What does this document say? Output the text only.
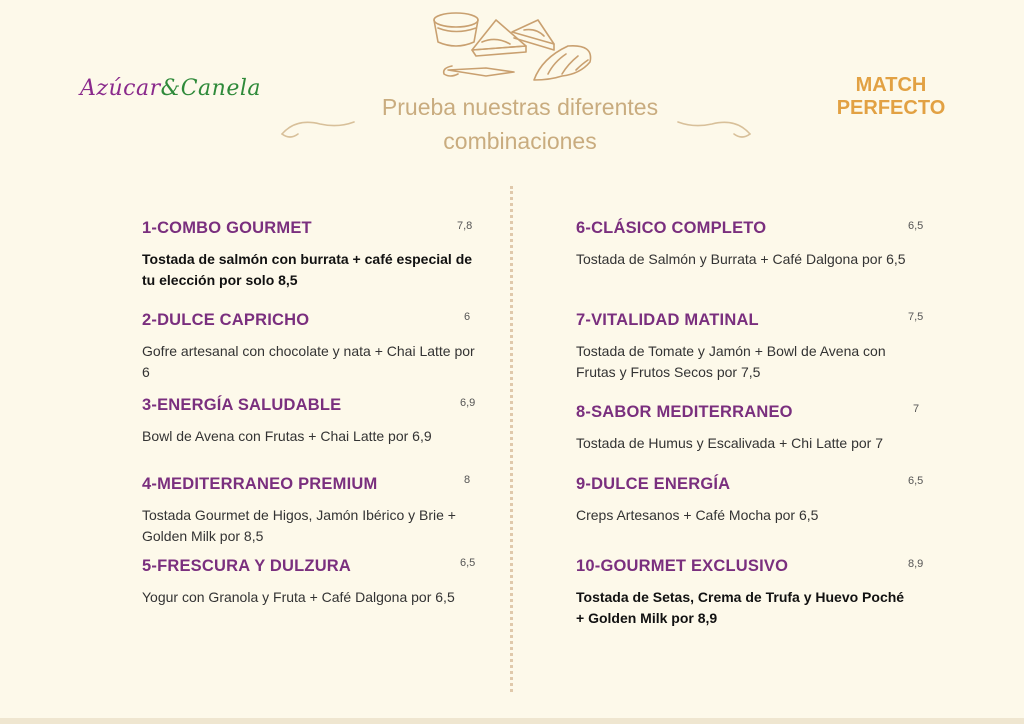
Azúcar&Canela	MATCH
PERFECTO
Prueba nuestras diferentes
combinaciones
1-COMBO GOURMET
Tostada de salmón con burrata + café especial de tu elección por solo 8,5
7,8
2-DULCE CAPRICHO
Gofre artesanal con chocolate y nata + Chai Latte por 6
6
3-ENERGÍA SALUDABLE
Bowl de Avena con Frutas + Chai Latte por 6,9
6,9
4-MEDITERRANEO PREMIUM
Tostada Gourmet de Higos, Jamón Ibérico y Brie + Golden Milk por 8,5
8
5-FRESCURA Y DULZURA
Yogur con Granola y Fruta + Café Dalgona por 6,5
6,5
6-CLÁSICO COMPLETO
Tostada de Salmón y Burrata + Café Dalgona por 6,5
6,5
7-VITALIDAD MATINAL
Tostada de Tomate y Jamón + Bowl de Avena con Frutas y Frutos Secos por 7,5
7,5
8-SABOR MEDITERRANEO
Tostada de Humus y Escalivada + Chi Latte por 7
7
9-DULCE ENERGÍA
Creps Artesanos + Café Mocha por 6,5
6,5
10-GOURMET EXCLUSIVO
Tostada de Setas, Crema de Trufa y Huevo Poché + Golden Milk por 8,9
8,9
